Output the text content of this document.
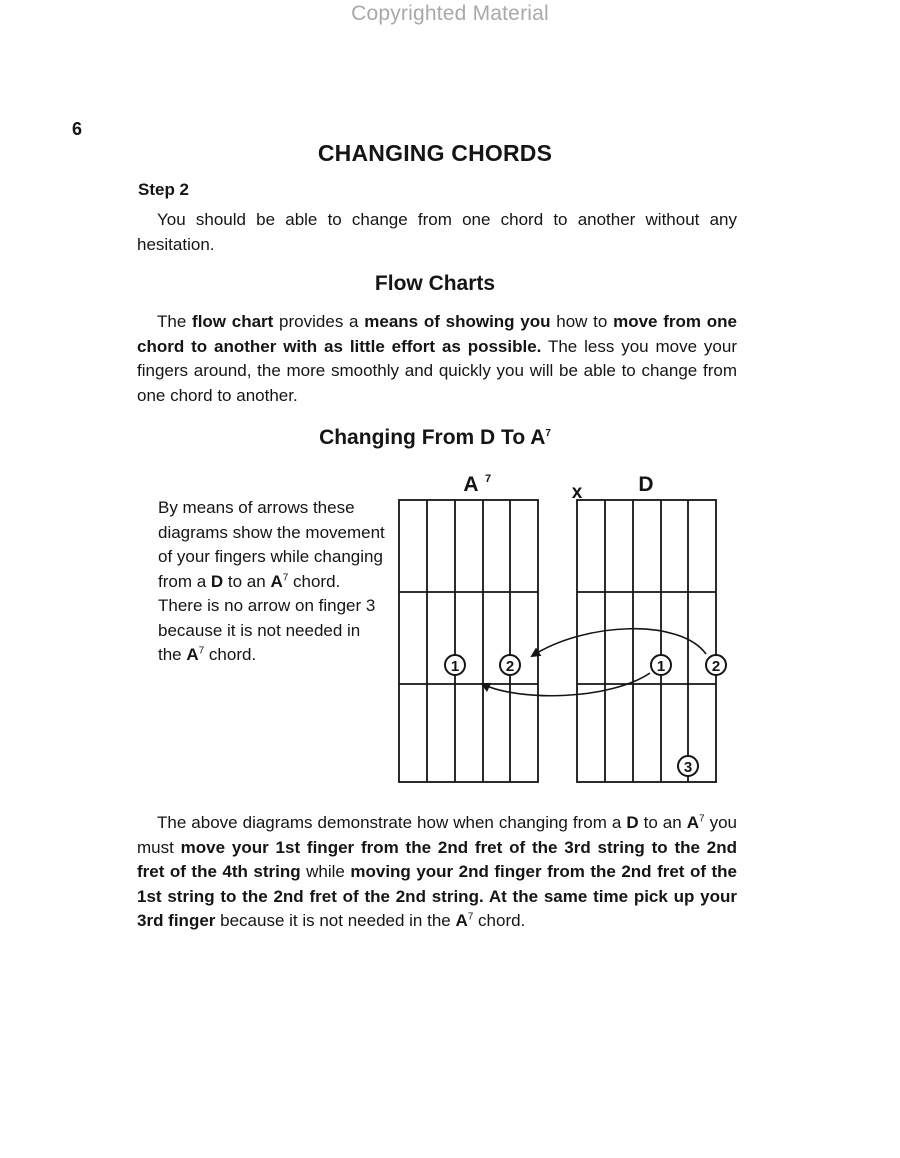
Copyrighted Material
6
CHANGING CHORDS
Step 2
You should be able to change from one chord to another without any hesitation.
Flow Charts
The flow chart provides a means of showing you how to move from one chord to another with as little effort as possible. The less you move your fingers around, the more smoothly and quickly you will be able to change from one chord to another.
Changing From D To $A^7$
By means of arrows these diagrams show the movement of your fingers while changing from a D to an $A^7$ chord. There is no arrow on finger 3 because it is not needed in the $A^7$ chord.
A 7
x	D
1	2	1	2
3
The above diagrams demonstrate how when changing from a D to an $A^7$ you must move your 1st finger from the 2nd fret of the 3rd string to the 2nd fret of the 4th string while moving your 2nd finger from the 2nd fret of the 1st string to the 2nd fret of the 2nd string. At the same time pick up your 3rd finger because it is not needed in the $A^7$ chord.
